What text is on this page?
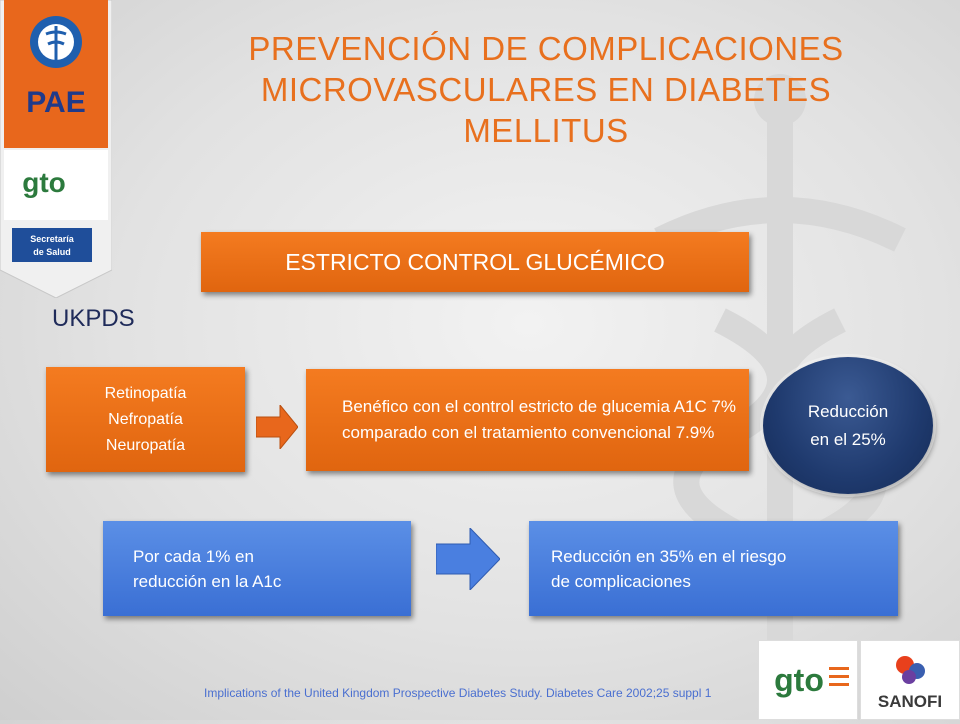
PAE
gto
Secretaría
de Salud
PREVENCIÓN DE COMPLICACIONES
MICROVASCULARES EN DIABETES
MELLITUS
ESTRICTO CONTROL GLUCÉMICO
UKPDS
Retinopatía
Nefropatía
Neuropatía
Benéfico con el control estricto de glucemia A1C 7% comparado con el tratamiento convencional 7.9%
Reducción
en el 25%
Por cada 1% en
reducción en la A1c
Reducción en 35% en el riesgo
de complicaciones
gto
SANOFI
Implications of the United Kingdom Prospective Diabetes Study. Diabetes Care 2002;25 suppl 1
